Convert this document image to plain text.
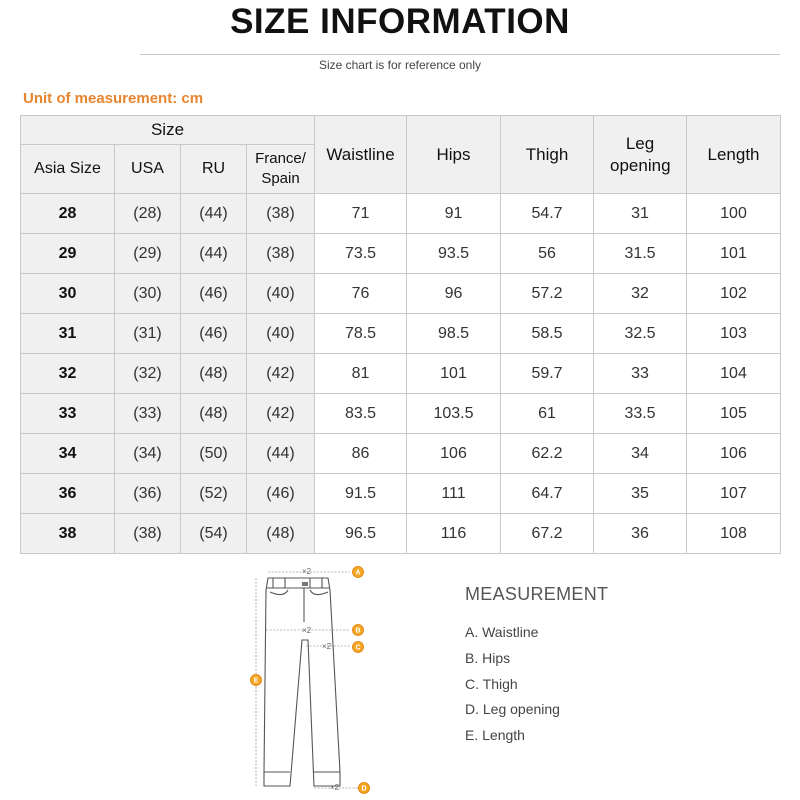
SIZE INFORMATION
Size chart is for reference only
Unit of measurement: cm
Size				Waistline	Hips	Thigh	Leg opening	Length
Asia Size	USA	RU	France/ Spain					
28	(28)	(44)	(38)	71	91	54.7	31	100
29	(29)	(44)	(38)	73.5	93.5	56	31.5	101
30	(30)	(46)	(40)	76	96	57.2	32	102
31	(31)	(46)	(40)	78.5	98.5	58.5	32.5	103
32	(32)	(48)	(42)	81	101	59.7	33	104
33	(33)	(48)	(42)	83.5	103.5	61	33.5	105
34	(34)	(50)	(44)	86	106	62.2	34	106
36	(36)	(52)	(46)	91.5	111	64.7	35	107
38	(38)	(54)	(48)	96.5	116	67.2	36	108
×2
×2
×2
×2
A
B
C
D
E
MEASUREMENT
A. Waistline
B. Hips
C. Thigh
D. Leg opening
E. Length
